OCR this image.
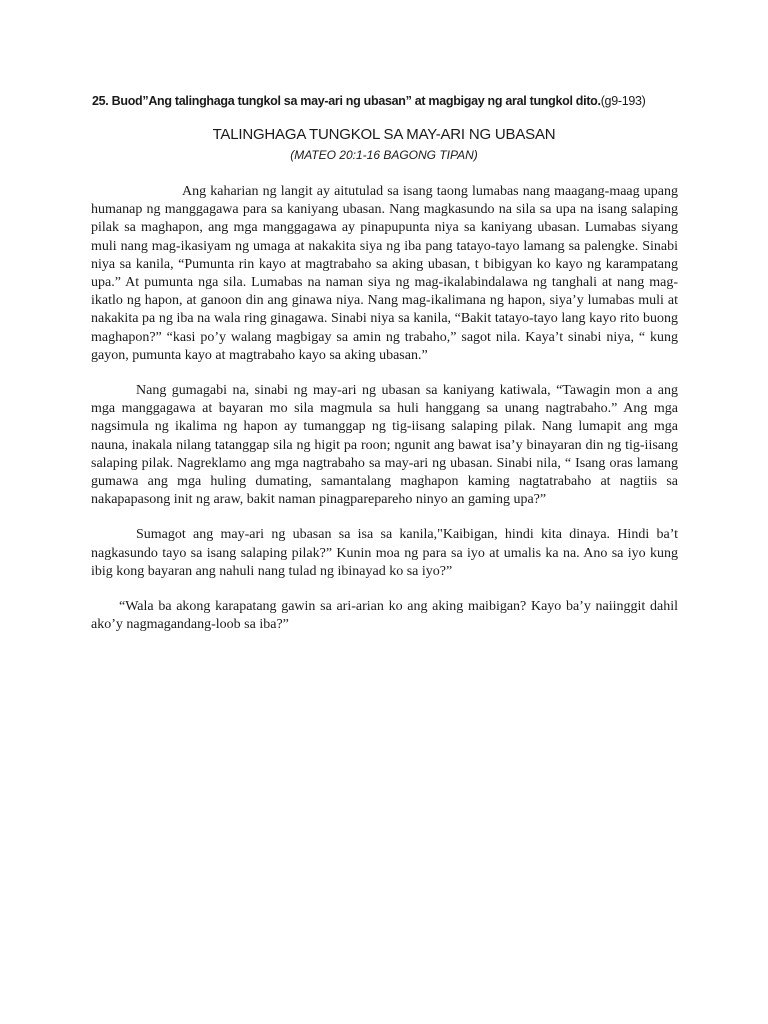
25. Buod”Ang talinghaga tungkol sa may-ari ng ubasan” at magbigay ng aral tungkol dito.(g9-193)
TALINGHAGA TUNGKOL SA MAY-ARI NG UBASAN
(MATEO 20:1-16 BAGONG TIPAN)

Ang kaharian ng langit ay aitutulad sa isang taong lumabas nang maagang-maag upang humanap ng manggagawa para sa kaniyang ubasan. Nang magkasundo na sila sa upa na isang salaping pilak sa maghapon, ang mga manggagawa ay pinapupunta niya sa kaniyang ubasan. Lumabas siyang muli nang mag-ikasiyam ng umaga at nakakita siya ng iba pang tatayo-tayo lamang sa palengke. Sinabi niya sa kanila, “Pumunta rin kayo at magtrabaho sa aking ubasan, t bibigyan ko kayo ng karampatang upa.” At pumunta nga sila. Lumabas na naman siya ng mag-ikalabindalawa ng tanghali at nang mag-ikatlo ng hapon, at ganoon din ang ginawa niya. Nang mag-ikalimana ng hapon, siya’y lumabas muli at nakakita pa ng iba na wala ring ginagawa. Sinabi niya sa kanila, “Bakit tatayo-tayo lang kayo rito buong maghapon?” “kasi po’y walang magbigay sa amin ng trabaho,” sagot nila. Kaya’t sinabi niya, “ kung gayon, pumunta kayo at magtrabaho kayo sa aking ubasan.”

Nang gumagabi na, sinabi ng may-ari ng ubasan sa kaniyang katiwala, “Tawagin mon a ang mga manggagawa at bayaran mo sila magmula sa huli hanggang sa unang nagtrabaho.” Ang mga nagsimula ng ikalima ng hapon ay tumanggap ng tig-iisang salaping pilak. Nang lumapit ang mga nauna, inakala nilang tatanggap sila ng higit pa roon; ngunit ang bawat isa’y binayaran din ng tig-iisang salaping pilak. Nagreklamo ang mga nagtrabaho sa may-ari ng ubasan. Sinabi nila, “ Isang oras lamang gumawa ang mga huling dumating, samantalang maghapon kaming nagtatrabaho at nagtiis sa nakapapasong init ng araw, bakit naman pinagparepareho ninyo an gaming upa?”

Sumagot ang may-ari ng ubasan sa isa sa kanila,"Kaibigan, hindi kita dinaya. Hindi ba’t nagkasundo tayo sa isang salaping pilak?” Kunin moa ng para sa iyo at umalis ka na. Ano sa iyo kung ibig kong bayaran ang nahuli nang tulad ng ibinayad ko sa iyo?”

“Wala ba akong karapatang gawin sa ari-arian ko ang aking maibigan? Kayo ba’y naiinggit dahil ako’y nagmagandang-loob sa iba?”
